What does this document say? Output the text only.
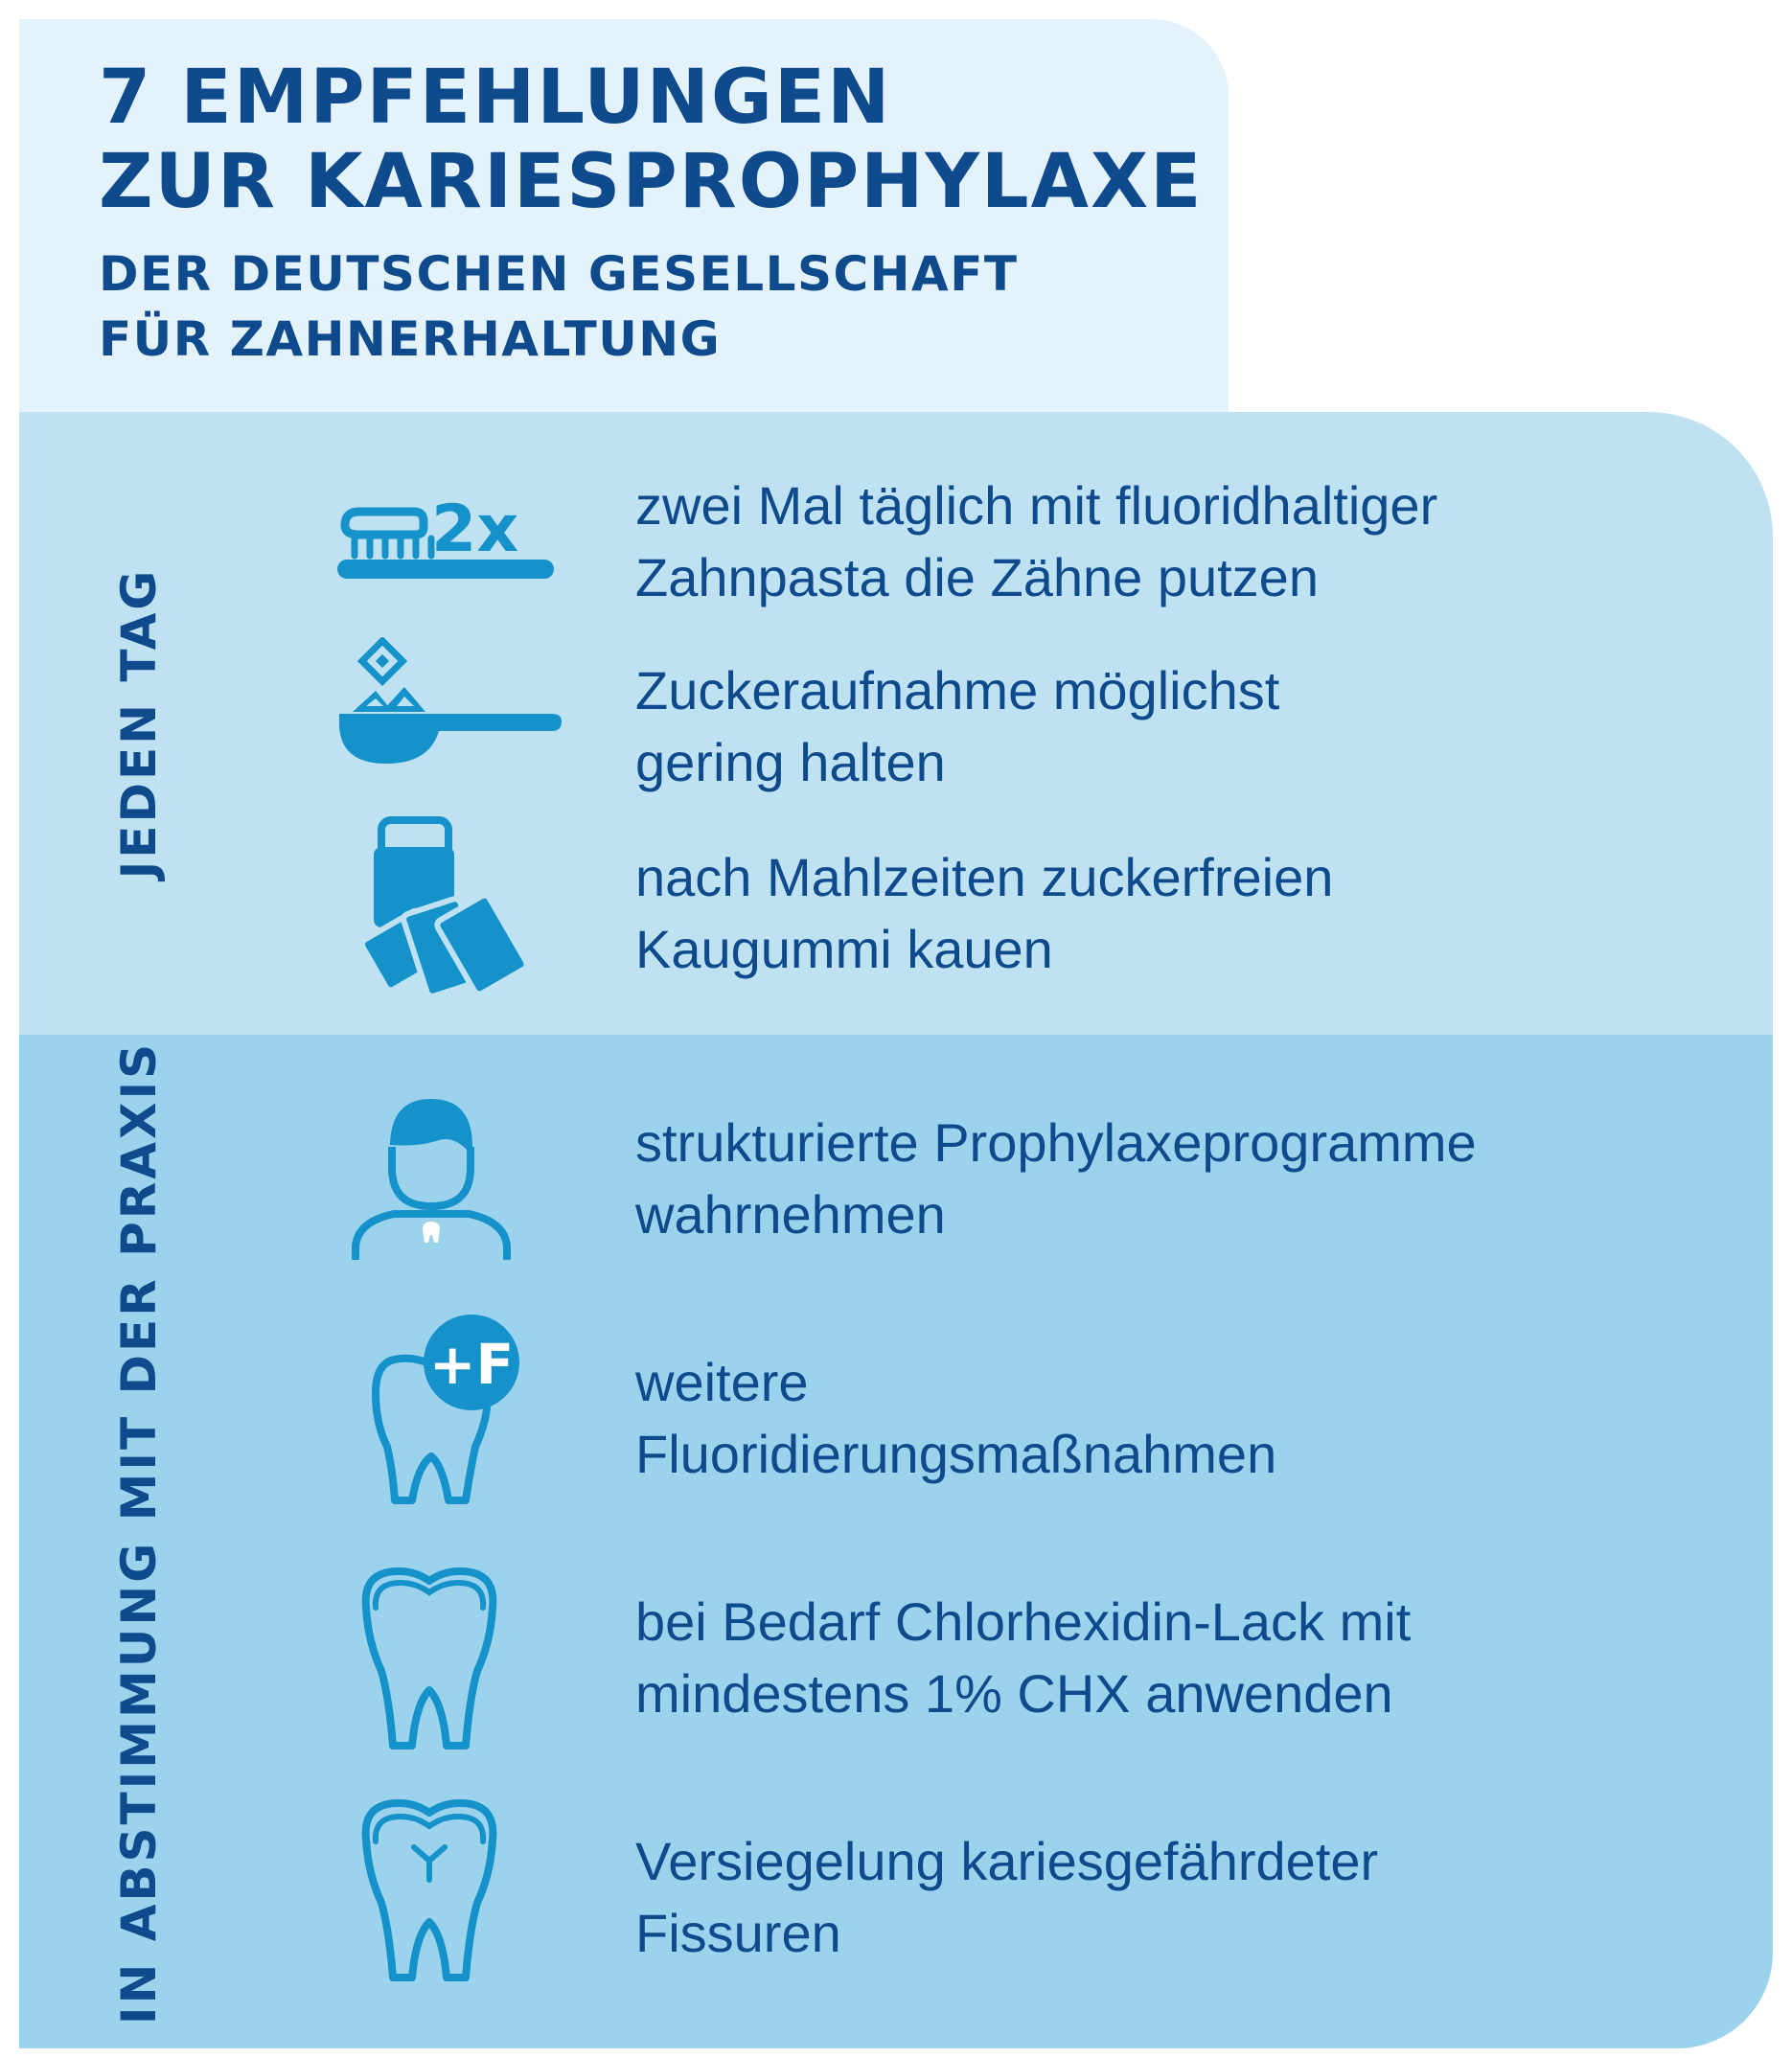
7 EMPFEHLUNGEN
ZUR KARIESPROPHYLAXE
DER DEUTSCHEN GESELLSCHAFT
FÜR ZAHNERHALTUNG
JEDEN TAG
IN ABSTIMMUNG MIT DER PRAXIS
2x
+F

zwei Mal täglich mit fluoridhaltiger
Zahnpasta die Zähne putzen

Zuckeraufnahme möglichst
gering halten

nach Mahlzeiten zuckerfreien
Kaugummi kauen

strukturierte Prophylaxeprogramme
wahrnehmen

weitere
Fluoridierungsmaßnahmen

bei Bedarf Chlorhexidin-Lack mit
mindestens 1% CHX anwenden

Versiegelung kariesgefährdeter
Fissuren
